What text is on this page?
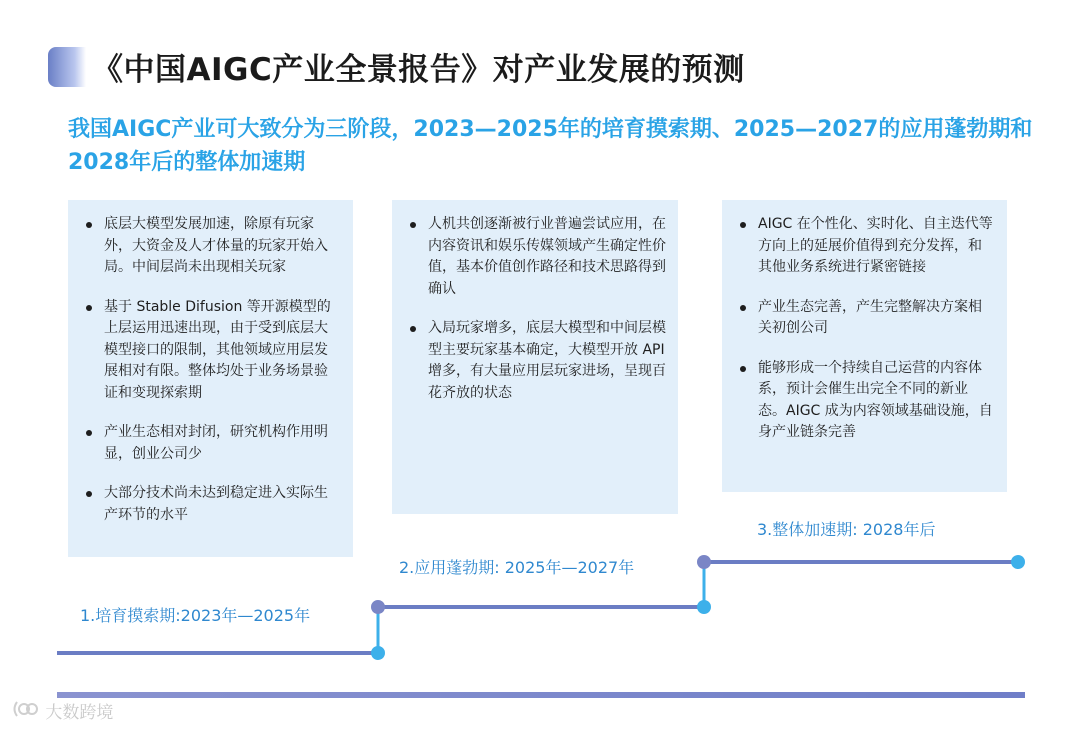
《中国AIGC产业全景报告》对产业发展的预测
我国AIGC产业可大致分为三阶段，2023—2025年的培育摸索期、2025—2027的应用蓬勃期和2028年后的整体加速期
底层大模型发展加速，除原有玩家外，大资金及人才体量的玩家开始入局。中间层尚未出现相关玩家
基于 Stable Difusion 等开源模型的上层运用迅速出现，由于受到底层大模型接口的限制，其他领域应用层发展相对有限。整体均处于业务场景验证和变现探索期
产业生态相对封闭，研究机构作用明显，创业公司少
大部分技术尚未达到稳定进入实际生产环节的水平
人机共创逐渐被行业普遍尝试应用，在内容资讯和娱乐传媒领域产生确定性价值，基本价值创作路径和技术思路得到确认
入局玩家增多，底层大模型和中间层模型主要玩家基本确定，大模型开放 API 增多，有大量应用层玩家进场，呈现百花齐放的状态
AIGC 在个性化、实时化、自主迭代等方向上的延展价值得到充分发挥，和其他业务系统进行紧密链接
产业生态完善，产生完整解决方案相关初创公司
能够形成一个持续自己运营的内容体系，预计会催生出完全不同的新业态。AIGC 成为内容领域基础设施，自身产业链条完善
1.培育摸索期:2023年—2025年
2.应用蓬勃期: 2025年—2027年
3.整体加速期: 2028年后
大数跨境
